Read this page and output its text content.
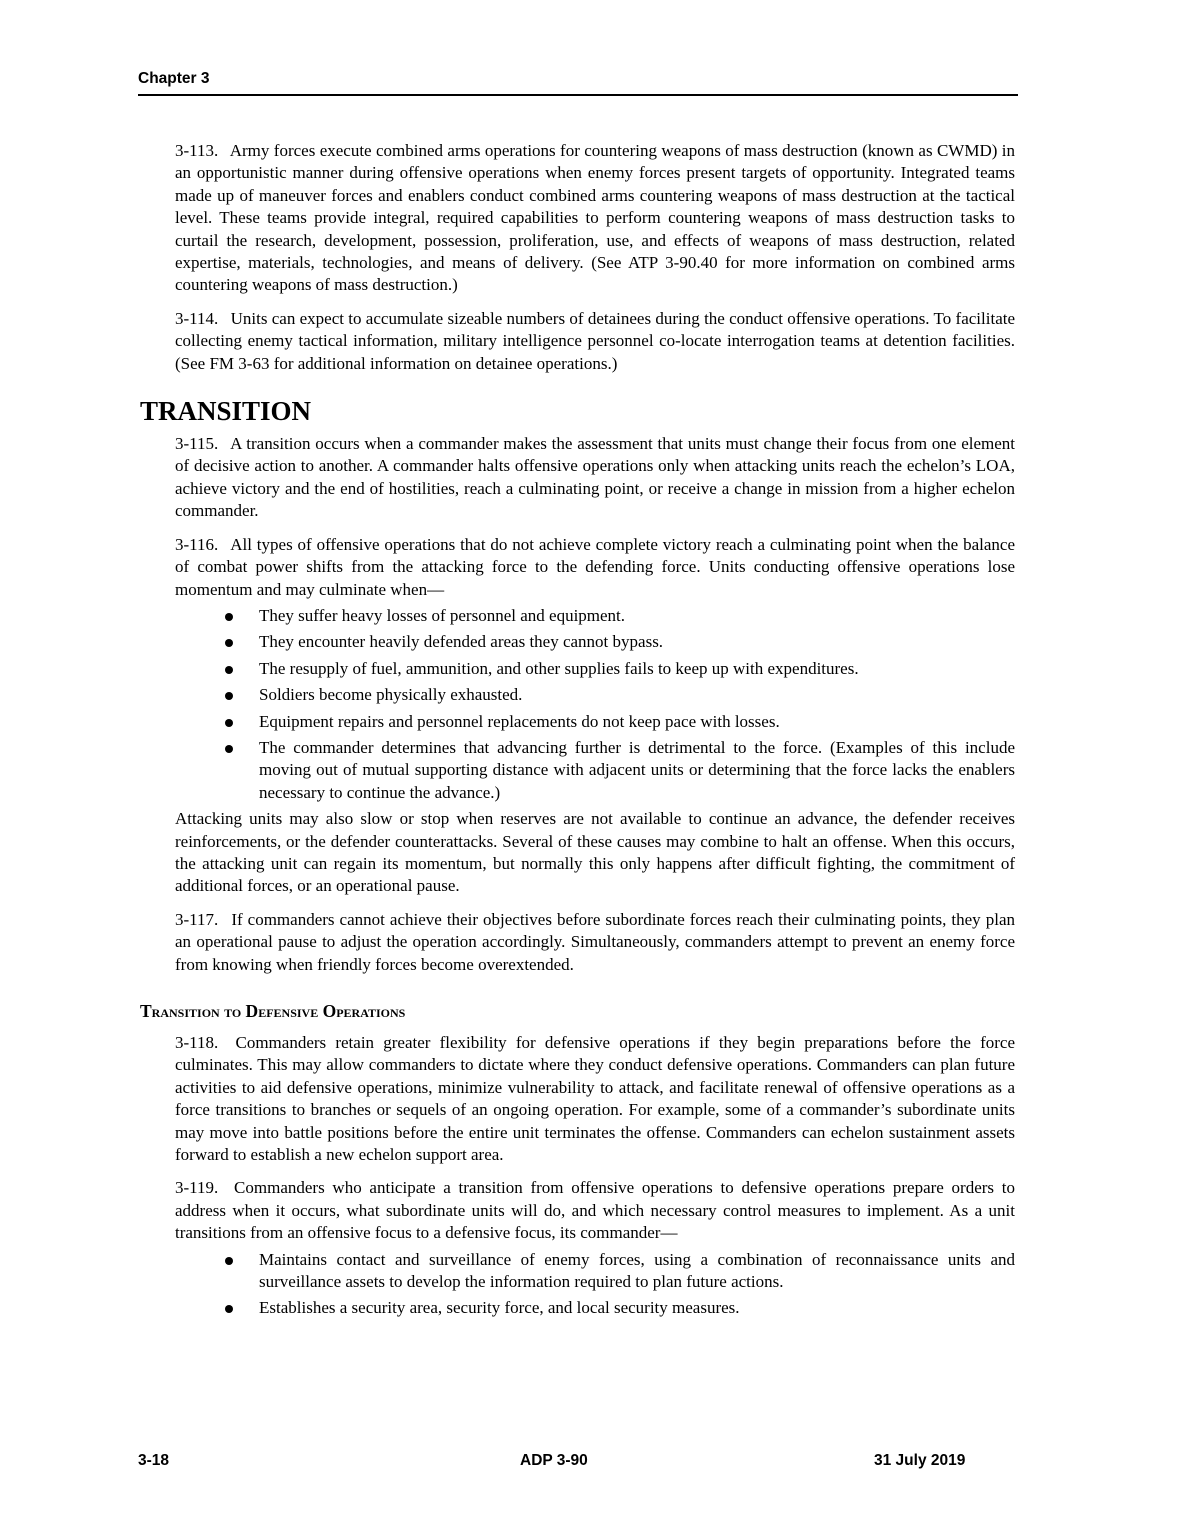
Chapter 3

3-113. Army forces execute combined arms operations for countering weapons of mass destruction (known as CWMD) in an opportunistic manner during offensive operations when enemy forces present targets of opportunity. Integrated teams made up of maneuver forces and enablers conduct combined arms countering weapons of mass destruction at the tactical level. These teams provide integral, required capabilities to perform countering weapons of mass destruction tasks to curtail the research, development, possession, proliferation, use, and effects of weapons of mass destruction, related expertise, materials, technologies, and means of delivery. (See ATP 3-90.40 for more information on combined arms countering weapons of mass destruction.)

3-114. Units can expect to accumulate sizeable numbers of detainees during the conduct offensive operations. To facilitate collecting enemy tactical information, military intelligence personnel co-locate interrogation teams at detention facilities. (See FM 3-63 for additional information on detainee operations.)

TRANSITION

3-115. A transition occurs when a commander makes the assessment that units must change their focus from one element of decisive action to another. A commander halts offensive operations only when attacking units reach the echelon’s LOA, achieve victory and the end of hostilities, reach a culminating point, or receive a change in mission from a higher echelon commander.

3-116. All types of offensive operations that do not achieve complete victory reach a culminating point when the balance of combat power shifts from the attacking force to the defending force. Units conducting offensive operations lose momentum and may culminate when—

They suffer heavy losses of personnel and equipment.
They encounter heavily defended areas they cannot bypass.
The resupply of fuel, ammunition, and other supplies fails to keep up with expenditures.
Soldiers become physically exhausted.
Equipment repairs and personnel replacements do not keep pace with losses.
The commander determines that advancing further is detrimental to the force. (Examples of this include moving out of mutual supporting distance with adjacent units or determining that the force lacks the enablers necessary to continue the advance.)

Attacking units may also slow or stop when reserves are not available to continue an advance, the defender receives reinforcements, or the defender counterattacks. Several of these causes may combine to halt an offense. When this occurs, the attacking unit can regain its momentum, but normally this only happens after difficult fighting, the commitment of additional forces, or an operational pause.

3-117. If commanders cannot achieve their objectives before subordinate forces reach their culminating points, they plan an operational pause to adjust the operation accordingly. Simultaneously, commanders attempt to prevent an enemy force from knowing when friendly forces become overextended.

Transition to Defensive Operations

3-118. Commanders retain greater flexibility for defensive operations if they begin preparations before the force culminates. This may allow commanders to dictate where they conduct defensive operations. Commanders can plan future activities to aid defensive operations, minimize vulnerability to attack, and facilitate renewal of offensive operations as a force transitions to branches or sequels of an ongoing operation. For example, some of a commander’s subordinate units may move into battle positions before the entire unit terminates the offense. Commanders can echelon sustainment assets forward to establish a new echelon support area.

3-119. Commanders who anticipate a transition from offensive operations to defensive operations prepare orders to address when it occurs, what subordinate units will do, and which necessary control measures to implement. As a unit transitions from an offensive focus to a defensive focus, its commander—

Maintains contact and surveillance of enemy forces, using a combination of reconnaissance units and surveillance assets to develop the information required to plan future actions.
Establishes a security area, security force, and local security measures.
3-18	ADP 3-90	31 July 2019
